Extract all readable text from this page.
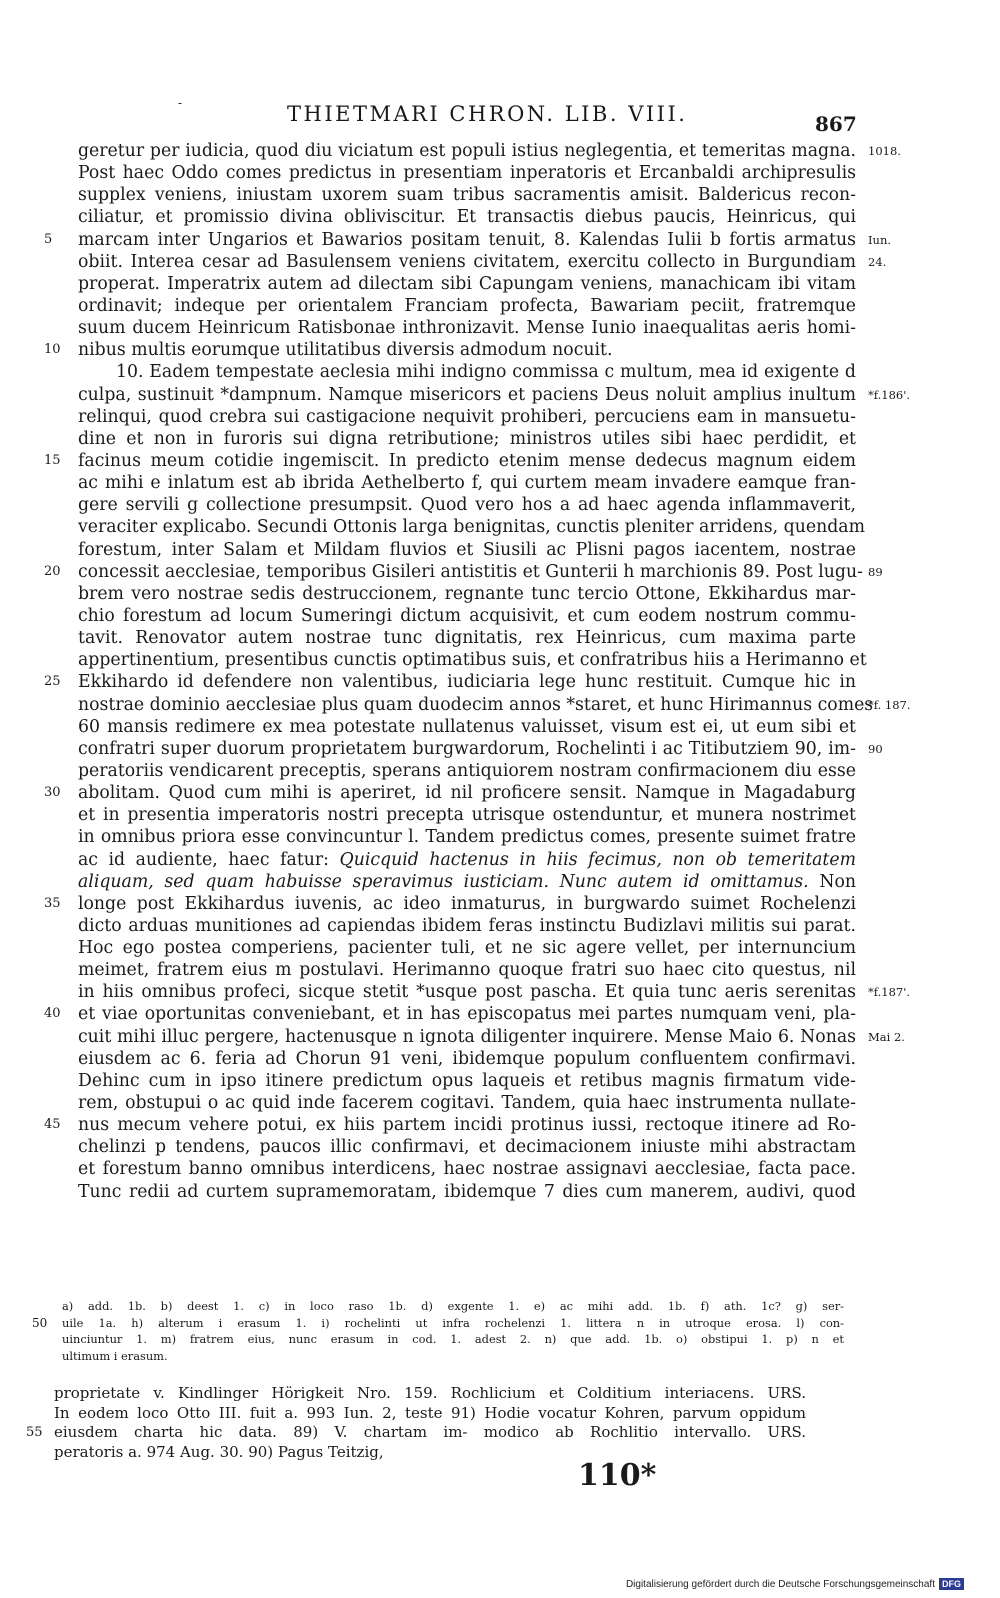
-	THIETMARI CHRON. LIB. VIII.	867
geretur per iudicia, quod diu viciatum est populi istius neglegentia, et temeritas magna. 1018.
Post haec Oddo comes predictus in presentiam inperatoris et Ercanbaldi archipresulis
supplex veniens, iniustam uxorem suam tribus sacramentis amisit. Baldericus recon-
ciliatur, et promissio divina obliviscitur. Et transactis diebus paucis, Heinricus, qui
marcam inter Ungarios et Bawarios positam tenuit, 8. Kalendas Iulii b fortis armatus
5	Iun.
obiit. Interea cesar ad Basulensem veniens civitatem, exercitu collecto in Burgundiam 24.
properat. Imperatrix autem ad dilectam sibi Capungam veniens, manachicam ibi vitam
ordinavit; indeque per orientalem Franciam profecta, Bawariam peciit, fratremque
suum ducem Heinricum Ratisbonae inthronizavit. Mense Iunio inaequalitas aeris homi-
nibus multis eorumque utilitatibus diversis admodum nocuit.
10
10. Eadem tempestate aeclesia mihi indigno commissa c multum, mea id exigente d
culpa, sustinuit *dampnum. Namque misericors et paciens Deus noluit amplius inultum *f.186'.
relinqui, quod crebra sui castigacione nequivit prohiberi, percuciens eam in mansuetu-
dine et non in furoris sui digna retributione; ministros utiles sibi haec perdidit, et
facinus meum cotidie ingemiscit. In predicto etenim mense dedecus magnum eidem
15
ac mihi e inlatum est ab ibrida Aethelberto f, qui curtem meam invadere eamque fran-
gere servili g collectione presumpsit. Quod vero hos a ad haec agenda inflammaverit,
veraciter explicabo. Secundi Ottonis larga benignitas, cunctis pleniter arridens, quendam
forestum, inter Salam et Mildam fluvios et Siusili ac Plisni pagos iacentem, nostrae
concessit aecclesiae, temporibus Gisileri antistitis et Gunterii h marchionis 89. Post lugu-
20	89
brem vero nostrae sedis destruccionem, regnante tunc tercio Ottone, Ekkihardus mar-
chio forestum ad locum Sumeringi dictum acquisivit, et cum eodem nostrum commu-
tavit. Renovator autem nostrae tunc dignitatis, rex Heinricus, cum maxima parte
appertinentium, presentibus cunctis optimatibus suis, et confratribus hiis a Herimanno et
Ekkihardo id defendere non valentibus, iudiciaria lege hunc restituit. Cumque hic in
25
nostrae dominio aecclesiae plus quam duodecim annos *staret, et hunc Hirimannus comes
*f. 187.
60 mansis redimere ex mea potestate nullatenus valuisset, visum est ei, ut eum sibi et
confratri super duorum proprietatem burgwardorum, Rochelinti i ac Titibutziem 90, im- 90
peratoriis vendicarent preceptis, sperans antiquiorem nostram confirmacionem diu esse
abolitam. Quod cum mihi is aperiret, id nil proficere sensit. Namque in Magadaburg
30
et in presentia imperatoris nostri precepta utrisque ostenduntur, et munera nostrimet
in omnibus priora esse convincuntur l. Tandem predictus comes, presente suimet fratre
ac id audiente, haec fatur: Quicquid hactenus in hiis fecimus, non ob temeritatem
aliquam, sed quam habuisse speravimus iusticiam. Nunc autem id omittamus. Non
longe post Ekkihardus iuvenis, ac ideo inmaturus, in burgwardo suimet Rochelenzi
35
dicto arduas munitiones ad capiendas ibidem feras instinctu Budizlavi militis sui parat.
Hoc ego postea comperiens, pacienter tuli, et ne sic agere vellet, per internuncium
meimet, fratrem eius m postulavi. Herimanno quoque fratri suo haec cito questus, nil
in hiis omnibus profeci, sicque stetit *usque post pascha. Et quia tunc aeris serenitas *f.187'.
et viae oportunitas conveniebant, et in has episcopatus mei partes numquam veni, pla-
40
cuit mihi illuc pergere, hactenusque n ignota diligenter inquirere. Mense Maio 6. Nonas Mai 2.
eiusdem ac 6. feria ad Chorun 91 veni, ibidemque populum confluentem confirmavi.
Dehinc cum in ipso itinere predictum opus laqueis et retibus magnis firmatum vide-
rem, obstupui o ac quid inde facerem cogitavi. Tandem, quia haec instrumenta nullate-
nus mecum vehere potui, ex hiis partem incidi protinus iussi, rectoque itinere ad Ro-
45
chelinzi p tendens, paucos illic confirmavi, et decimacionem iniuste mihi abstractam
et forestum banno omnibus interdicens, haec nostrae assignavi aecclesiae, facta pace.
Tunc redii ad curtem supramemoratam, ibidemque 7 dies cum manerem, audivi, quod
a) add. 1b. b) deest 1. c) in loco raso 1b. d) exgente 1. e) ac mihi add. 1b. f) ath. 1c? g) ser-
uile 1a. h) alterum i erasum 1. i) rochelinti ut infra rochelenzi 1. littera n in utroque erosa. l) con-
50
uinciuntur 1. m) fratrem eius, nunc erasum in cod. 1. adest 2. n) que add. 1b. o) obstipui 1. p) n et
ultimum i erasum.
proprietate v. Kindlinger Hörigkeit Nro. 159. Rochlicium et Colditium interiacens. URS.
In eodem loco Otto III. fuit a. 993 Iun. 2, teste 91) Hodie vocatur Kohren, parvum oppidum
eiusdem charta hic data. 89) V. chartam im- modico ab Rochlitio intervallo. URS.
55
peratoris a. 974 Aug. 30. 90) Pagus Teitzig,
110*
Digitalisierung gefördert durch die Deutsche Forschungsgemeinschaft DFG
